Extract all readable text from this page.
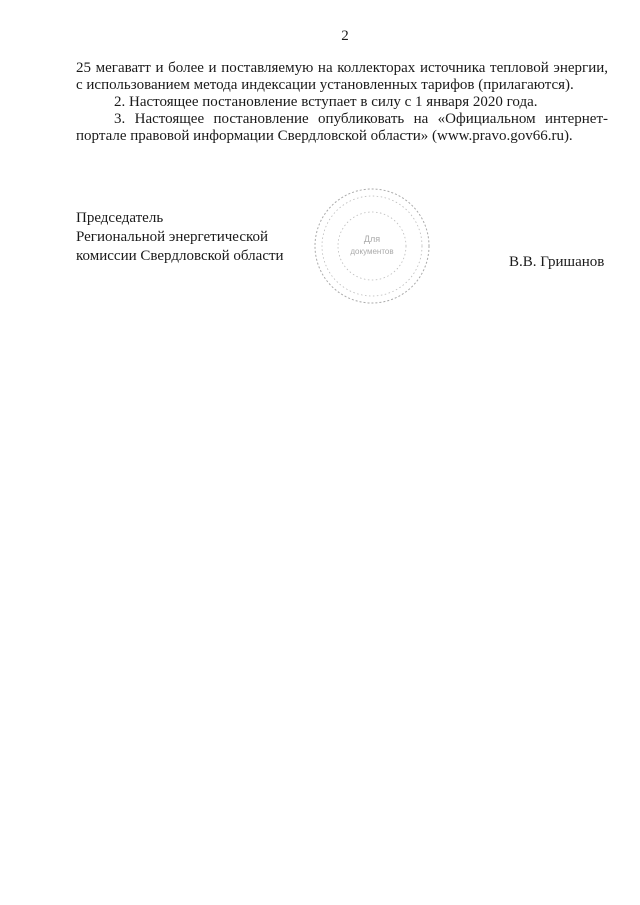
2

25 мегаватт и более и поставляемую на коллекторах источника тепловой энергии, с использованием метода индексации установленных тарифов (прилагаются).

2. Настоящее постановление вступает в силу с 1 января 2020 года.

3. Настоящее постановление опубликовать на «Официальном интернет-портале правовой информации Свердловской области» (www.pravo.gov66.ru).

Председатель
Региональной энергетической
комиссии Свердловской области
Для
документов
В.В. Гришанов
